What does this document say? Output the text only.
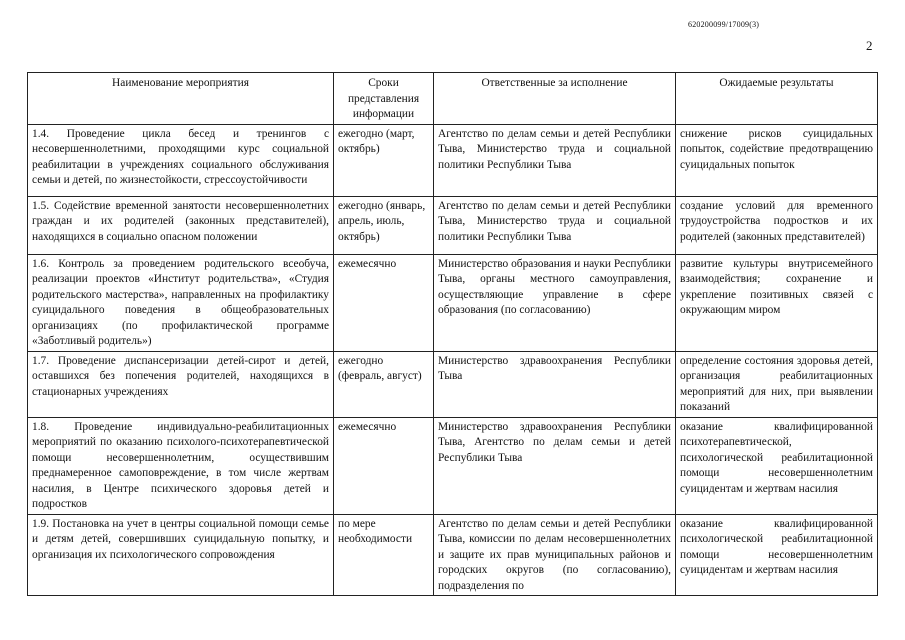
620200099/17009(3)
2
Наименование мероприятия	Сроки представления информации	Ответственные за исполнение	Ожидаемые результаты
1.4. Проведение цикла бесед и тренингов с несовершеннолетними, проходящими курс социальной реабилитации в учреждениях социального обслуживания семьи и детей, по жизнестойкости, стрессоустойчивости	ежегодно (март, октябрь)	Агентство по делам семьи и детей Республики Тыва, Министерство труда и социальной политики Республики Тыва	снижение рисков суицидальных попыток, содействие предотвращению суицидальных попыток
1.5. Содействие временной занятости несовершеннолетних граждан и их родителей (законных представителей), находящихся в социально опасном положении	ежегодно (январь, апрель, июль, октябрь)	Агентство по делам семьи и детей Республики Тыва, Министерство труда и социальной политики Республики Тыва	создание условий для временного трудоустройства подростков и их родителей (законных представителей)
1.6. Контроль за проведением родительского всеобуча, реализации проектов «Институт родительства», «Студия родительского мастерства», направленных на профилактику суицидального поведения в общеобразовательных организациях (по профилактической программе «Заботливый родитель»)	ежемесячно	Министерство образования и науки Республики Тыва, органы местного самоуправления, осуществляющие управление в сфере образования (по согласованию)	развитие культуры внутрисемейного взаимодействия; сохранение и укрепление позитивных связей с окружающим миром
1.7. Проведение диспансеризации детей-сирот и детей, оставшихся без попечения родителей, находящихся в стационарных учреждениях	ежегодно (февраль, август)	Министерство здравоохранения Республики Тыва	определение состояния здоровья детей, организация реабилитационных мероприятий для них, при выявлении показаний
1.8. Проведение индивидуально-реабилитационных мероприятий по оказанию психолого-психотерапевтической помощи несовершеннолетним, осуществившим преднамеренное самоповреждение, в том числе жертвам насилия, в Центре психического здоровья детей и подростков	ежемесячно	Министерство здравоохранения Республики Тыва, Агентство по делам семьи и детей Республики Тыва	оказание квалифицированной психотерапевтической, психологической реабилитационной помощи несовершеннолетним суицидентам и жертвам насилия
1.9. Постановка на учет в центры социальной помощи семье и детям детей, совершивших суицидальную попытку, и организация их психологического сопровождения	по мере необходимости	Агентство по делам семьи и детей Республики Тыва, комиссии по делам несовершеннолетних и защите их прав муниципальных районов и городских округов (по согласованию), подразделения по	оказание квалифицированной психологической реабилитационной помощи несовершеннолетним суицидентам и жертвам насилия
